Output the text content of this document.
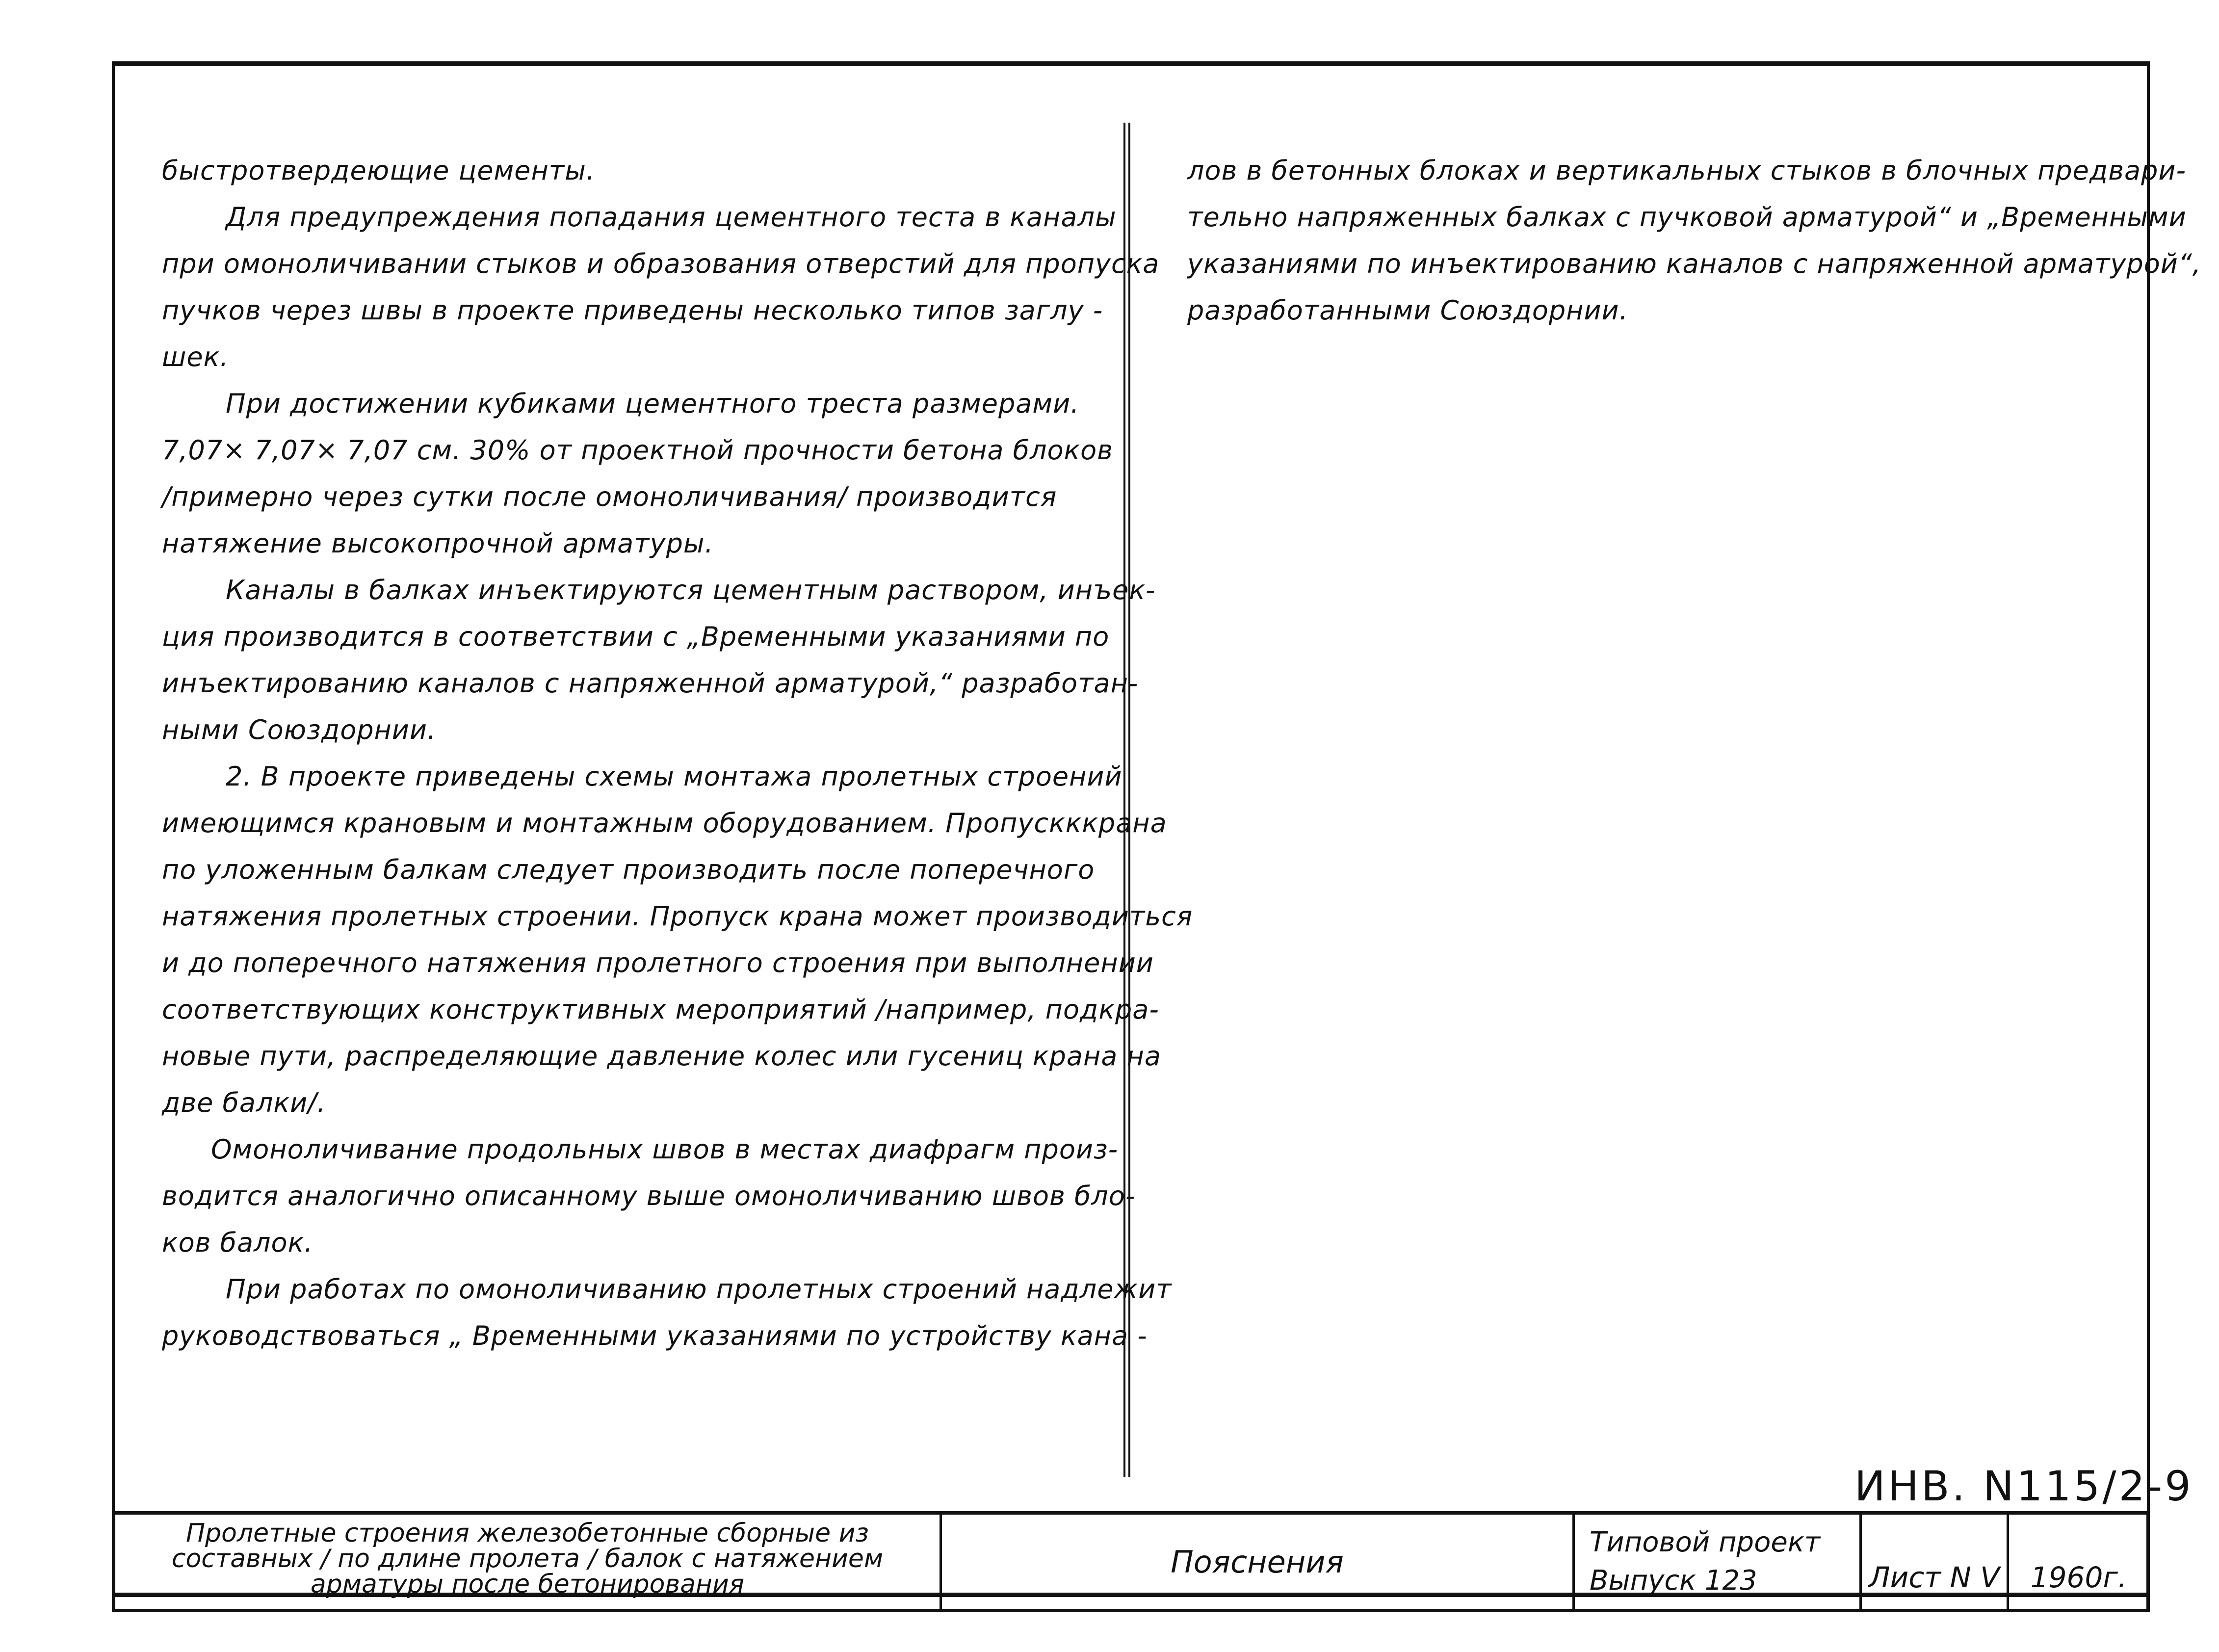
быстротвердеющие цементы.

Для предупреждения попадания цементного теста в каналы

при омоноличивании стыков и образования отверстий для пропуска

пучков через швы в проекте приведены несколько типов заглу -

шек.

При достижении кубиками цементного треста размерами.

7,07× 7,07× 7,07 см. 30% от проектной прочности бетона блоков

/примерно через сутки после омоноличивания/ производится

натяжение высокопрочной арматуры.

Каналы в балках инъектируются цементным раствором, инъек-

ция производится в соответствии с „Временными указаниями по

инъектированию каналов с напряженной арматурой,“ разработан-

ными Союздорнии.

2. В проекте приведены схемы монтажа пролетных строений

имеющимся крановым и монтажным оборудованием. Пропускккрана

по уложенным балкам следует производить после поперечного

натяжения пролетных строении. Пропуск крана может производиться

и до поперечного натяжения пролетного строения при выполнении

соответствующих конструктивных мероприятий /например, подкра-

новые пути, распределяющие давление колес или гусениц крана на

две балки/.

Омоноличивание продольных швов в местах диафрагм произ-

водится аналогично описанному выше омоноличиванию швов бло-

ков балок.

При работах по омоноличиванию пролетных строений надлежит

руководствоваться „ Временными указаниями по устройству кана -

лов в бетонных блоках и вертикальных стыков в блочных предвари-

тельно напряженных балках с пучковой арматурой“ и „Временными

указаниями по инъектированию каналов с напряженной арматурой“,

разработанными Союздорнии.

ИНВ. N115/2-9

Пролетные строения железобетонные сборные из

составных / по длине пролета / балок с натяжением

арматуры после бетонирования

Пояснения
Типовой проект
Выпуск 123	Лист N V	1960г.
